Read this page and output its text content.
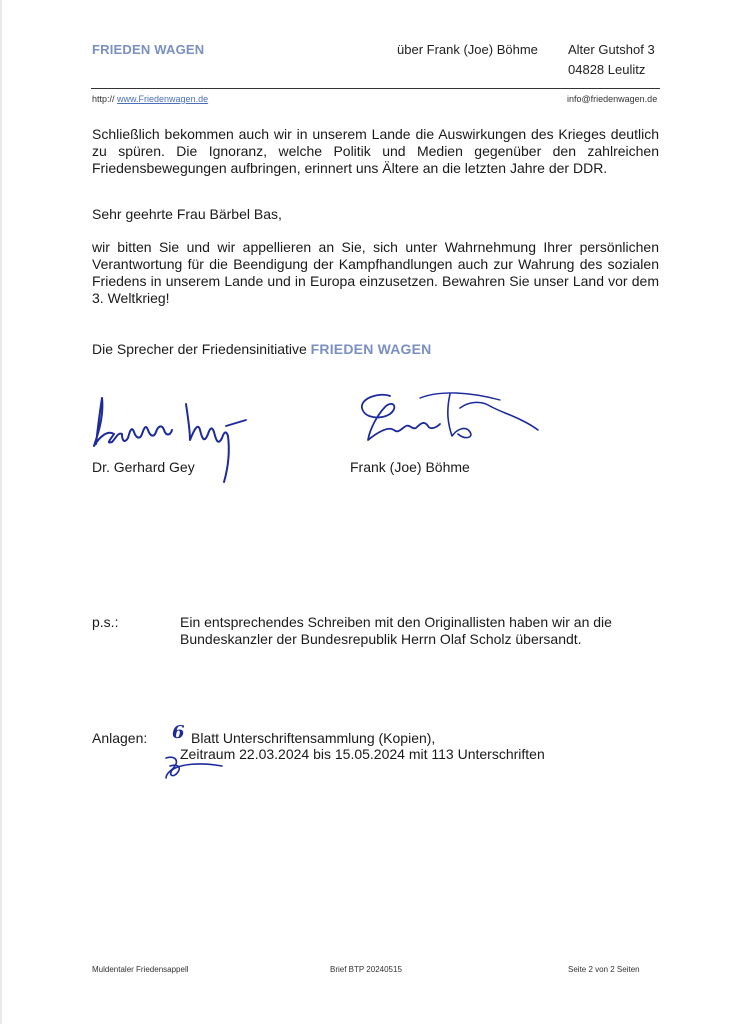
FRIEDEN WAGEN	über Frank (Joe) Böhme Alter Gutshof 3
04828 Leulitz
http:// www.Friedenwagen.de	info@friedenwagen.de
Schließlich bekommen auch wir in unserem Lande die Auswirkungen des Krieges deutlich zu spüren. Die Ignoranz, welche Politik und Medien gegenüber den zahlreichen Friedensbewegungen aufbringen, erinnert uns Ältere an die letzten Jahre der DDR.
Sehr geehrte Frau Bärbel Bas,
wir bitten Sie und wir appellieren an Sie, sich unter Wahrnehmung Ihrer persönlichen Verantwortung für die Beendigung der Kampfhandlungen auch zur Wahrung des sozialen Friedens in unserem Lande und in Europa einzusetzen. Bewahren Sie unser Land vor dem 3. Weltkrieg!
Die Sprecher der Friedensinitiative FRIEDEN WAGEN
Dr. Gerhard Gey	Frank (Joe) Böhme
p.s.:	Ein entsprechendes Schreiben mit den Originallisten haben wir an die
Bundeskanzler der Bundesrepublik Herrn Olaf Scholz übersandt.
Anlagen: 6 Blatt Unterschriftensammlung (Kopien),
Zeitraum 22.03.2024 bis 15.05.2024 mit 113 Unterschriften
Muldentaler Friedensappell	Brief BTP 20240515	Seite 2 von 2 Seiten
